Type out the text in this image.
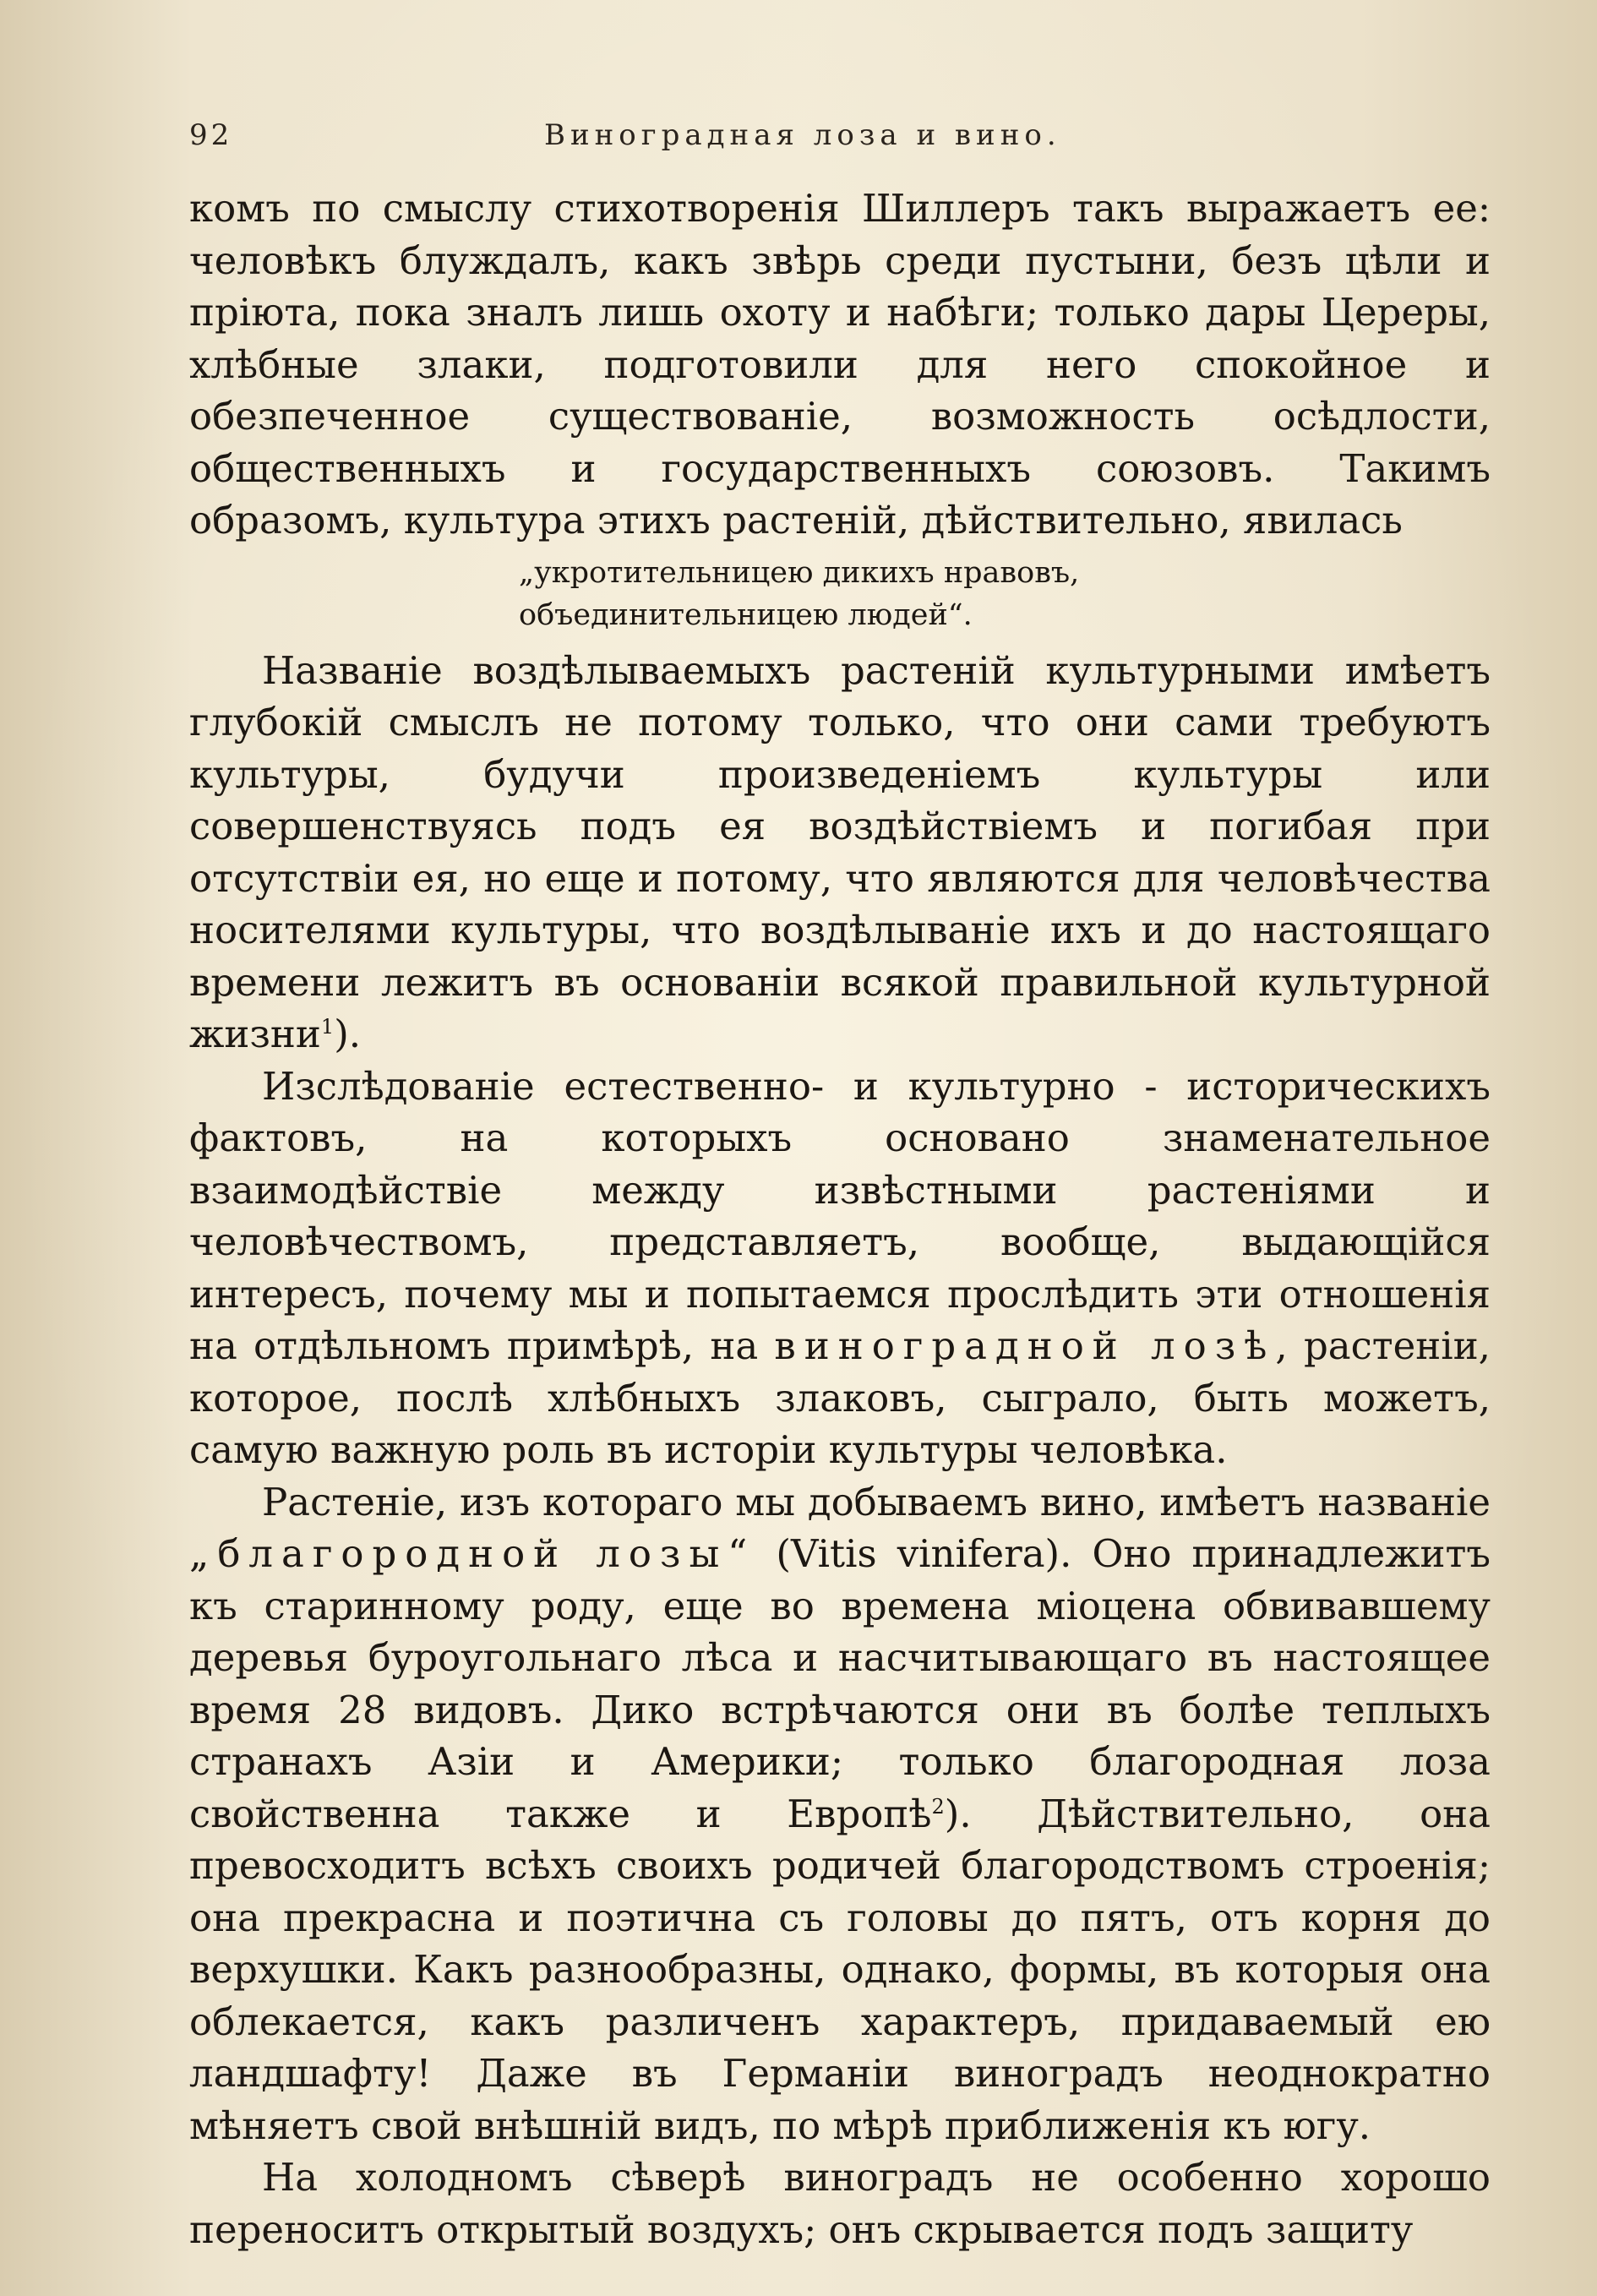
92	Виноградная лоза и вино.

комъ по смыслу стихотворенія Шиллеръ такъ выражаетъ ее: человѣкъ блуждалъ, какъ звѣрь среди пустыни, безъ цѣли и пріюта, пока зналъ лишь охоту и набѣги; только дары Цереры, хлѣбные злаки, подготовили для него спокойное и обезпеченное существованіе, возможность осѣдлости, общественныхъ и государственныхъ союзовъ. Такимъ образомъ, культура этихъ растеній, дѣйствительно, явилась

„укротительницею дикихъ нравовъ,
объединительницею людей“.

Названіе воздѣлываемыхъ растеній культурными имѣетъ глубокій смыслъ не потому только, что они сами требуютъ культуры, будучи произведеніемъ культуры или совершенствуясь подъ ея воздѣйствіемъ и погибая при отсутствіи ея, но еще и потому, что являются для человѣчества носителями культуры, что воздѣлываніе ихъ и до настоящаго времени лежитъ въ основаніи всякой правильной культурной жизни$^1$).

Изслѣдованіе естественно- и культурно - историческихъ фактовъ, на которыхъ основано знаменательное взаимодѣйствіе между извѣстными растеніями и человѣчествомъ, представляетъ, вообще, выдающійся интересъ, почему мы и попытаемся прослѣдить эти отношенія на отдѣльномъ примѣрѣ, на виноградной лозѣ, растеніи, которое, послѣ хлѣбныхъ злаковъ, сыграло, быть можетъ, самую важную роль въ исторіи культуры человѣка.

Растеніе, изъ котораго мы добываемъ вино, имѣетъ названіе „благородной лозы“ (Vitis vinifera). Оно принадлежитъ къ старинному роду, еще во времена міоцена обвивавшему деревья буроугольнаго лѣса и насчитывающаго въ настоящее время 28 видовъ. Дико встрѣчаются они въ болѣе теплыхъ странахъ Азіи и Америки; только благородная лоза свойственна также и Европѣ$^2$). Дѣйствительно, она превосходитъ всѣхъ своихъ родичей благородствомъ строенія; она прекрасна и поэтична съ головы до пятъ, отъ корня до верхушки. Какъ разнообразны, однако, формы, въ которыя она облекается, какъ различенъ характеръ, придаваемый ею ландшафту! Даже въ Германіи виноградъ неоднократно мѣняетъ свой внѣшній видъ, по мѣрѣ приближенія къ югу.

На холодномъ сѣверѣ виноградъ не особенно хорошо переноситъ открытый воздухъ; онъ скрывается подъ защиту
